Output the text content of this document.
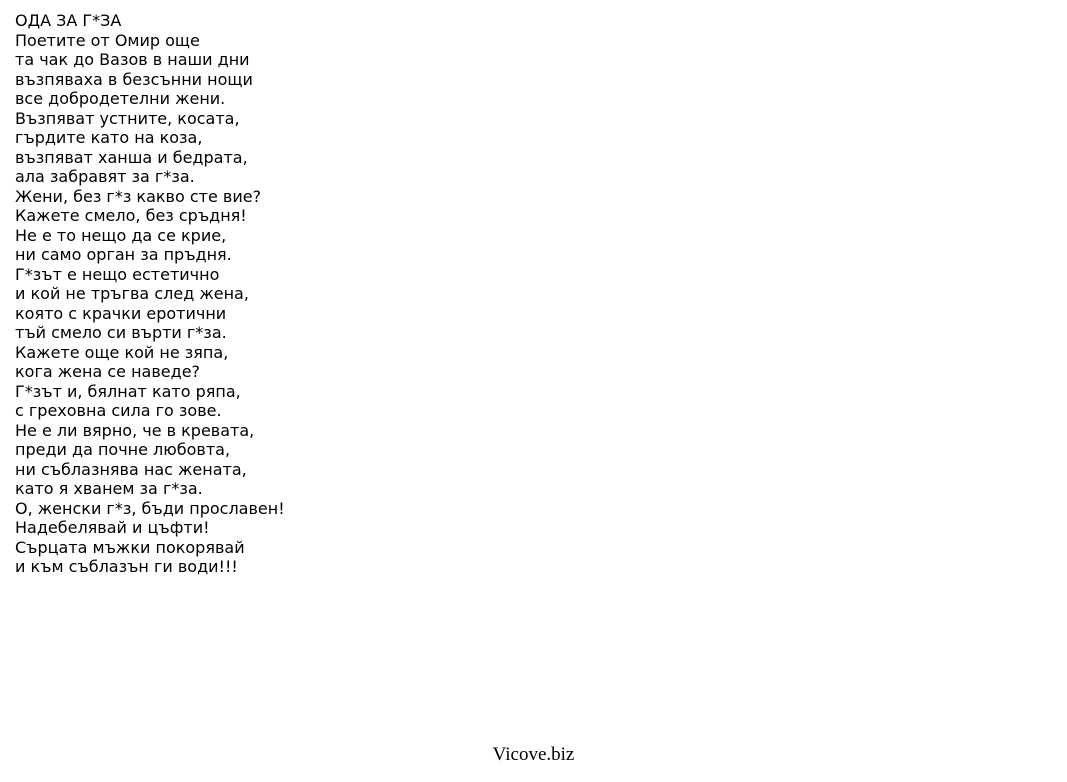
ОДА ЗА Г*ЗА
Поетите от Омир още
та чак до Вазов в наши дни
възпяваха в безсънни нощи
все добродетелни жени.
Възпяват устните, косата,
гърдите като на коза,
възпяват ханша и бедрата,
ала забравят за г*за.
Жени, без г*з какво сте вие?
Кажете смело, без сръдня!
Не е то нещо да се крие,
ни само орган за пръдня.
Г*зът е нещо естетично
и кой не тръгва след жена,
която с крачки еротични
тъй смело си върти г*за.
Кажете още кой не зяпа,
кога жена се наведе?
Г*зът и, бялнат като ряпа,
с греховна сила го зове.
Не е ли вярно, че в кревата,
преди да почне любовта,
ни съблазнява нас жената,
като я хванем за г*за.
О, женски г*з, бъди прославен!
Надебелявай и цъфти!
Сърцата мъжки покорявай
и към съблазън ги води!!!
Vicove.biz
